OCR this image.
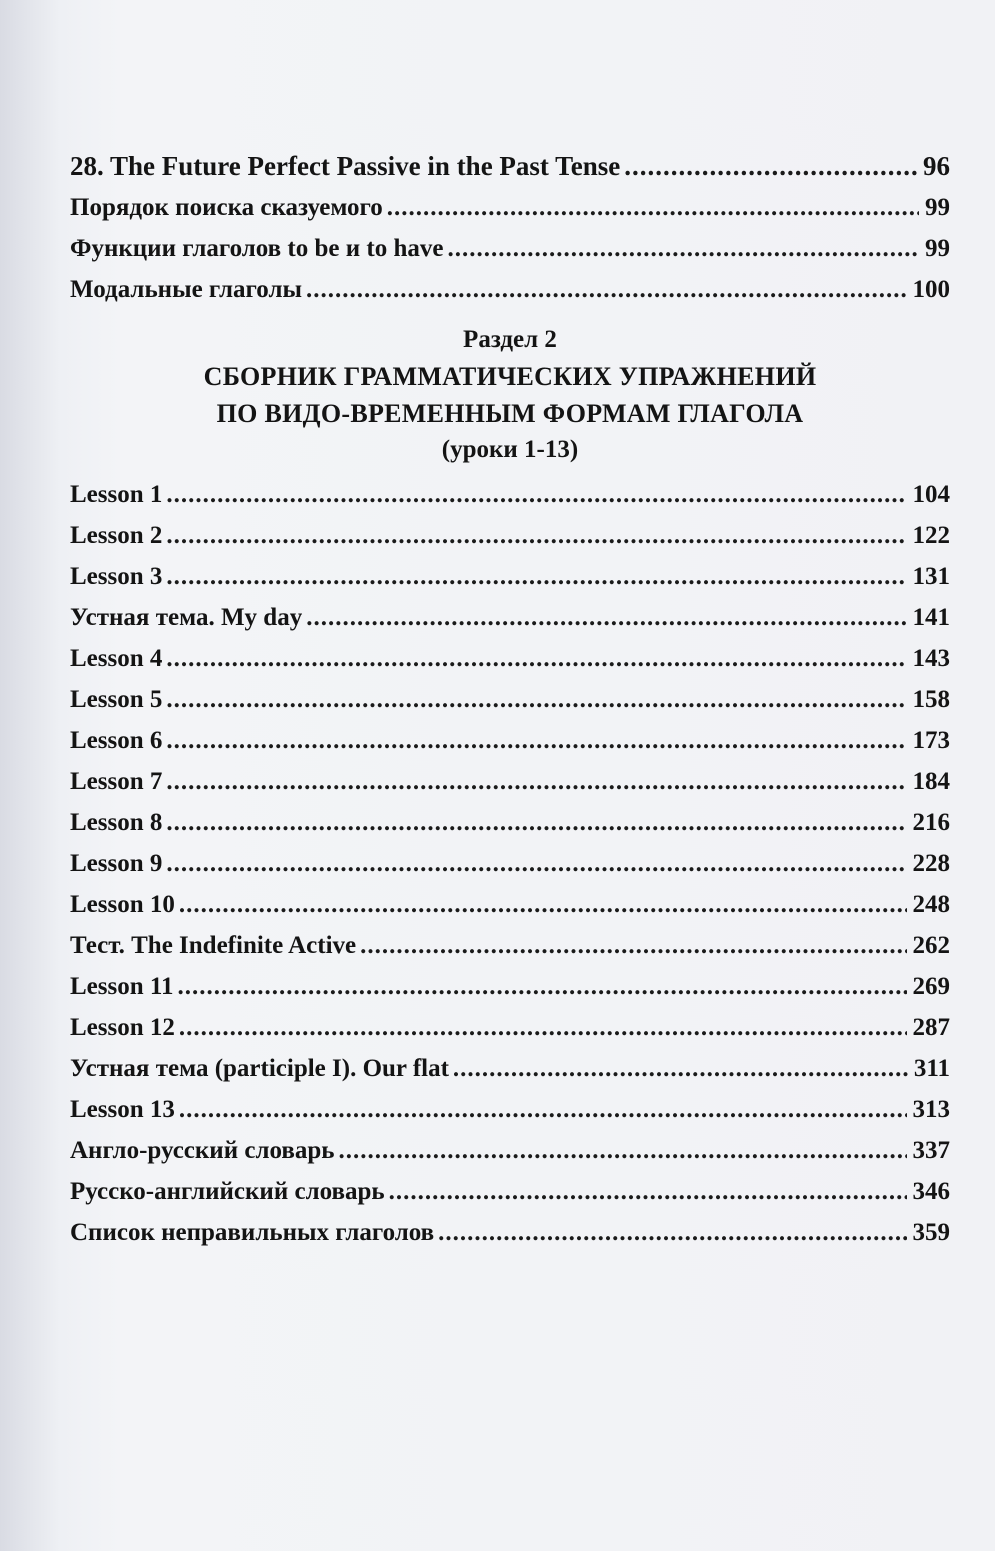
28. The Future Perfect Passive in the Past Tense .....	96
Порядок поиска сказуемого .....	99
Функции глаголов to be и to have .....	99
Модальные глаголы .....	100
Раздел 2
СБОРНИК ГРАММАТИЧЕСКИХ УПРАЖНЕНИЙ
ПО ВИДО-ВРЕМЕННЫМ ФОРМАМ ГЛАГОЛА
(уроки 1-13)
Lesson 1 .....	104
Lesson 2 .....	122
Lesson 3 .....	131
Устная тема. My day .....	141
Lesson 4 .....	143
Lesson 5 .....	158
Lesson 6 .....	173
Lesson 7 .....	184
Lesson 8 .....	216
Lesson 9 .....	228
Lesson 10 .....	248
Тест. The Indefinite Active .....	262
Lesson 11 .....	269
Lesson 12 .....	287
Устная тема (participle I). Our flat .....	311
Lesson 13 .....	313
Англо-русский словарь .....	337
Русско-английский словарь .....	346
Список неправильных глаголов .....	359
